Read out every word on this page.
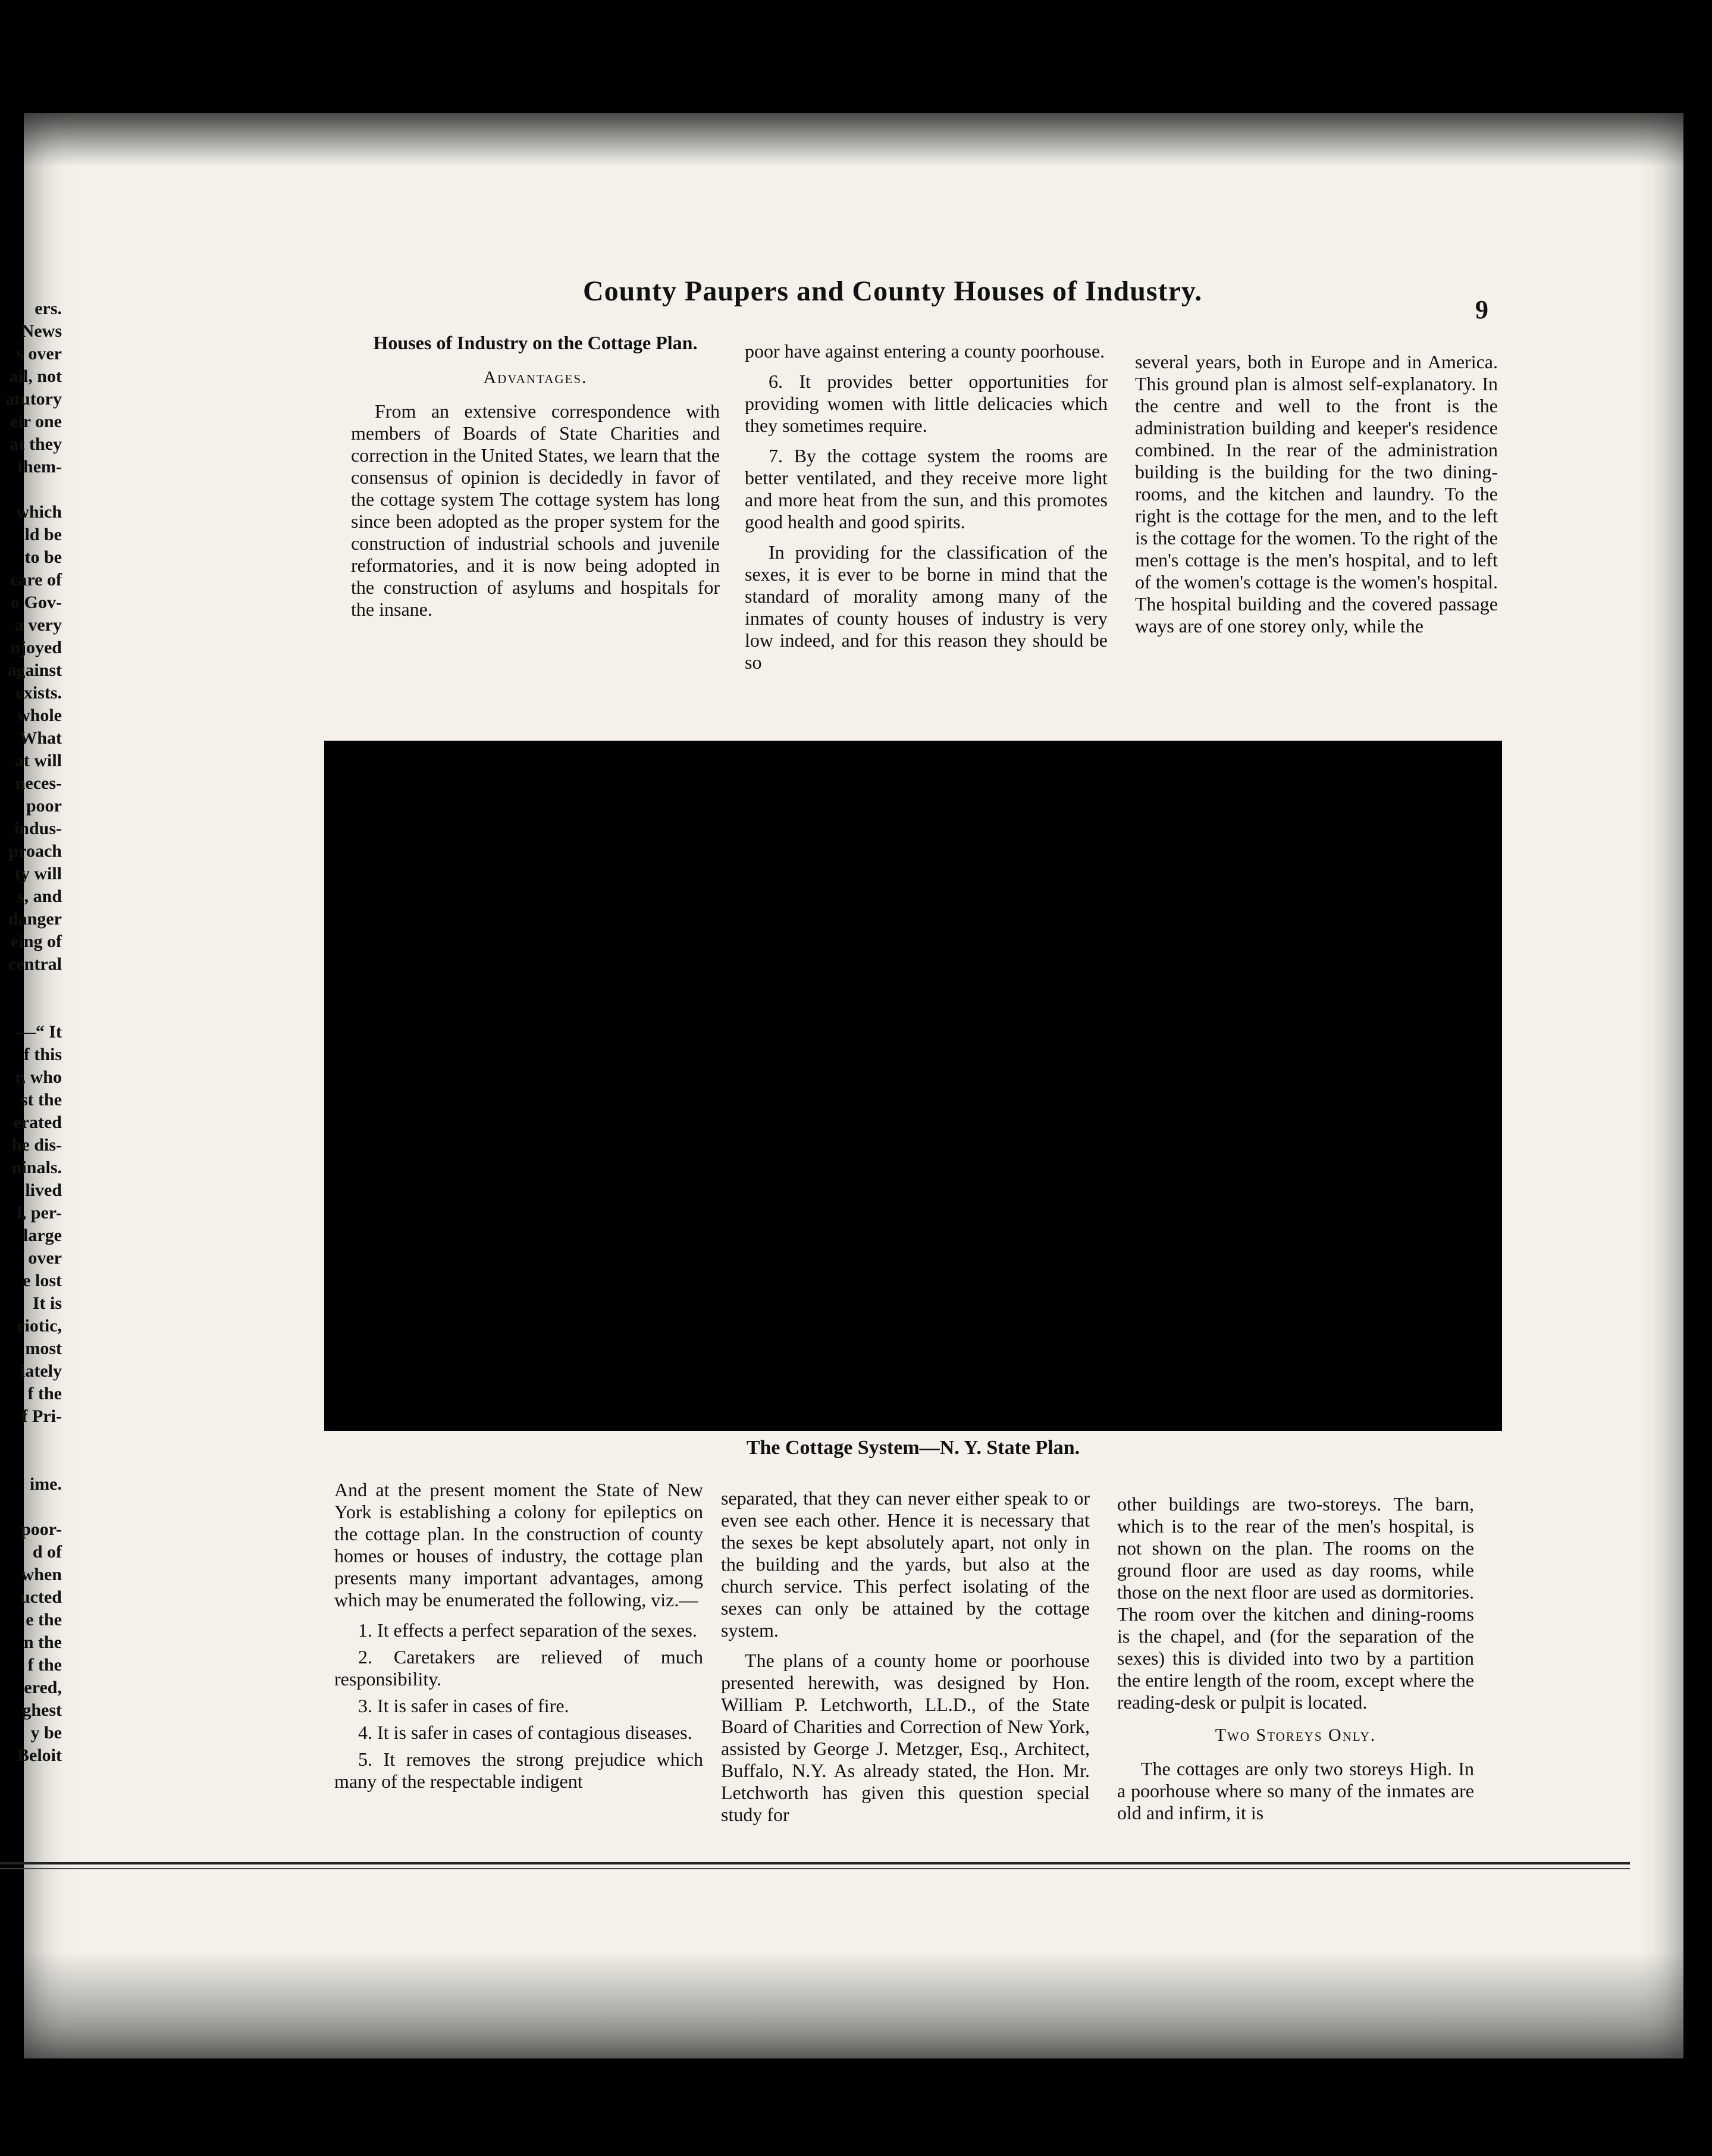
ers.
News
s over
ail, not
atutory
eir one
at they
them-
which
ld be
to be
care of
o Gov-
a very
njoyed
against
exists.
whole
What
at will
neces-
poor
indus-
proach
ty will
s, and
danger
eing of
central
—“ It
f this
r, who
st the
erated
he dis-
ninals.
lived
l, per-
large
over
e lost
It is
riotic,
most
iately
f the
f Pri-
ime.
poor-
d of
when
ucted
e the
n the
f the
ered,
ghest
y be
Beloit
County Paupers and County Houses of Industry.
9
Houses of Industry on the Cottage Plan.
Advantages.

From an extensive correspondence with members of Boards of State Charities and correction in the United States, we learn that the consensus of opinion is decidedly in favor of the cottage system The cottage system has long since been adopted as the proper system for the construction of industrial schools and juvenile reformatories, and it is now being adopted in the construction of asylums and hospitals for the insane.

poor have against entering a county poorhouse.

6. It provides better opportunities for providing women with little delicacies which they sometimes require.

7. By the cottage system the rooms are better ventilated, and they receive more light and more heat from the sun, and this promotes good health and good spirits.

In providing for the classification of the sexes, it is ever to be borne in mind that the standard of morality among many of the inmates of county houses of industry is very low indeed, and for this reason they should be so

several years, both in Europe and in America. This ground plan is almost self-explanatory. In the centre and well to the front is the administration building and keeper's residence combined. In the rear of the administration building is the building for the two dining-rooms, and the kitchen and laundry. To the right is the cottage for the men, and to the left is the cottage for the women. To the right of the men's cottage is the men's hospital, and to left of the women's cottage is the women's hospital. The hospital building and the covered passage ways are of one storey only, while the

The Cottage System—N. Y. State Plan.

And at the present moment the State of New York is establishing a colony for epileptics on the cottage plan. In the construction of county homes or houses of industry, the cottage plan presents many important advantages, among which may be enumerated the following, viz.—

1. It effects a perfect separation of the sexes.
2. Caretakers are relieved of much responsibility.
3. It is safer in cases of fire.
4. It is safer in cases of contagious diseases.
5. It removes the strong prejudice which many of the respectable indigent

separated, that they can never either speak to or even see each other. Hence it is necessary that the sexes be kept absolutely apart, not only in the building and the yards, but also at the church service. This perfect isolating of the sexes can only be attained by the cottage system.

The plans of a county home or poorhouse presented herewith, was designed by Hon. William P. Letchworth, LL.D., of the State Board of Charities and Correction of New York, assisted by George J. Metzger, Esq., Architect, Buffalo, N.Y. As already stated, the Hon. Mr. Letchworth has given this question special study for

other buildings are two-storeys. The barn, which is to the rear of the men's hospital, is not shown on the plan. The rooms on the ground floor are used as day rooms, while those on the next floor are used as dormitories. The room over the kitchen and dining-rooms is the chapel, and (for the separation of the sexes) this is divided into two by a partition the entire length of the room, except where the reading-desk or pulpit is located.

Two Storeys Only.

The cottages are only two storeys High. In a poorhouse where so many of the inmates are old and infirm, it is
